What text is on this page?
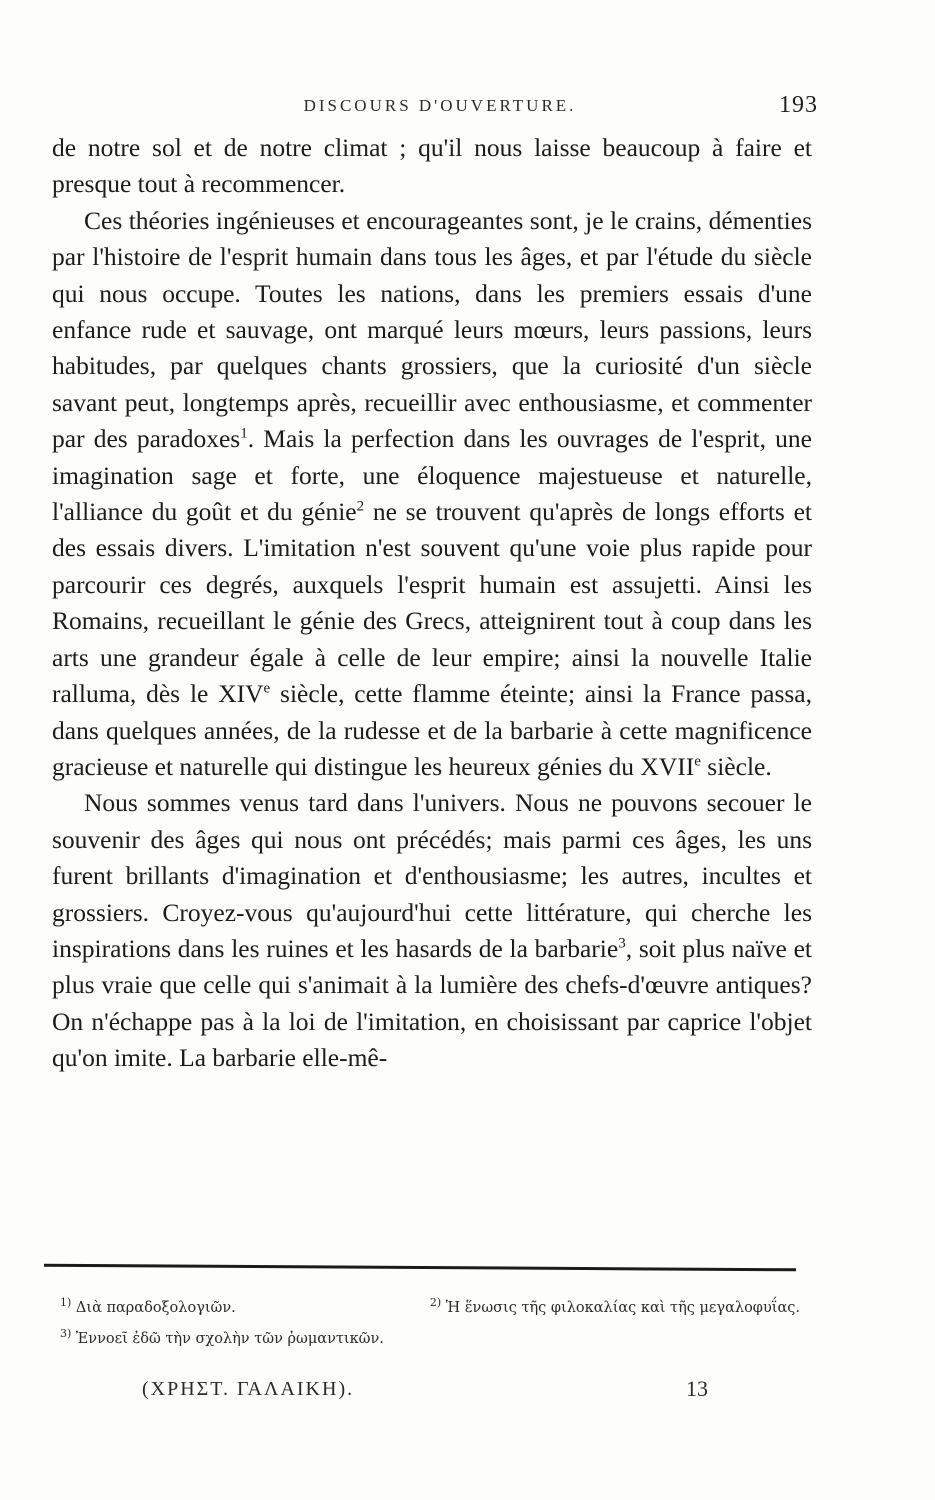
DISCOURS D'OUVERTURE.	193

de notre sol et de notre climat ; qu'il nous laisse beaucoup à faire et presque tout à recommencer.

Ces théories ingénieuses et encourageantes sont, je le crains, démenties par l'histoire de l'esprit humain dans tous les âges, et par l'étude du siècle qui nous occupe. Toutes les nations, dans les premiers essais d'une enfance rude et sauvage, ont marqué leurs mœurs, leurs passions, leurs habitudes, par quelques chants grossiers, que la curiosité d'un siècle savant peut, longtemps après, recueillir avec enthousiasme, et commenter par des paradoxes$^1$. Mais la perfection dans les ouvrages de l'esprit, une imagination sage et forte, une éloquence majestueuse et naturelle, l'alliance du goût et du génie$^2$ ne se trouvent qu'après de longs efforts et des essais divers. L'imitation n'est souvent qu'une voie plus rapide pour parcourir ces degrés, auxquels l'esprit humain est assujetti. Ainsi les Romains, recueillant le génie des Grecs, atteignirent tout à coup dans les arts une grandeur égale à celle de leur empire; ainsi la nouvelle Italie ralluma, dès le XIVe siècle, cette flamme éteinte; ainsi la France passa, dans quelques années, de la rudesse et de la barbarie à cette magnificence gracieuse et naturelle qui distingue les heureux génies du XVIIe siècle.

Nous sommes venus tard dans l'univers. Nous ne pouvons secouer le souvenir des âges qui nous ont précédés; mais parmi ces âges, les uns furent brillants d'imagination et d'enthousiasme; les autres, incultes et grossiers. Croyez-vous qu'aujourd'hui cette littérature, qui cherche les inspirations dans les ruines et les hasards de la barbarie$^3$, soit plus naïve et plus vraie que celle qui s'animait à la lumière des chefs-d'œuvre antiques? On n'échappe pas à la loi de l'imitation, en choisissant par caprice l'objet qu'on imite. La barbarie elle-mê-

$^{1)}$ Διὰ παραδοξολογιῶν.	$^{2)}$ Ἡ ἕνωσις τῆς φιλοκαλίας καὶ τῆς μεγαλοφυΐας.
$^{3)}$ Ἐννοεῖ ἐδῶ τὴν σχολὴν τῶν ῥωμαντικῶν.
(ΧΡΗΣΤ. ΓΑΛΑΙΚΗ).	13
